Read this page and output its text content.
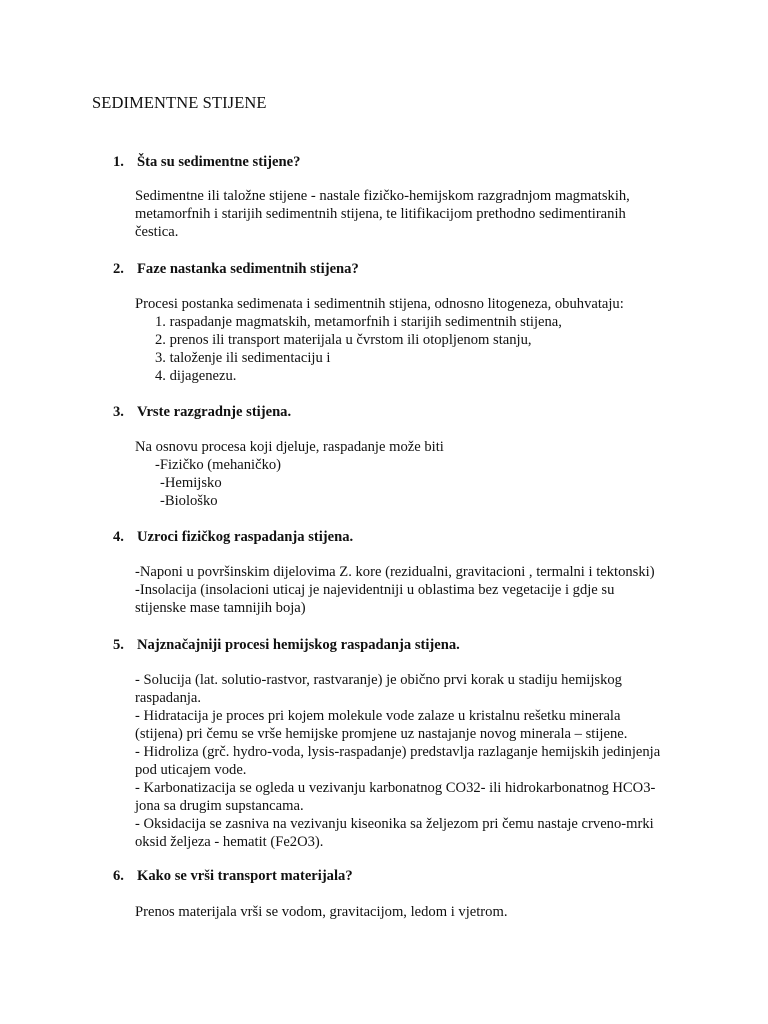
SEDIMENTNE STIJENE
1. Šta su sedimentne stijene?
Sedimentne ili taložne stijene - nastale fizičko-hemijskom razgradnjom magmatskih,
metamorfnih i starijih sedimentnih stijena, te litifikacijom prethodno sedimentiranih
čestica.
2. Faze nastanka sedimentnih stijena?
Procesi postanka sedimenata i sedimentnih stijena, odnosno litogeneza, obuhvataju:
1. raspadanje magmatskih, metamorfnih i starijih sedimentnih stijena,
2. prenos ili transport materijala u čvrstom ili otopljenom stanju,
3. taloženje ili sedimentaciju i
4. dijagenezu.
3. Vrste razgradnje stijena.
Na osnovu procesa koji djeluje, raspadanje može biti
-Fizičko (mehaničko)
-Hemijsko
-Biološko
4. Uzroci fizičkog raspadanja stijena.
-Naponi u površinskim dijelovima Z. kore (rezidualni, gravitacioni , termalni i tektonski)
-Insolacija (insolacioni uticaj je najevidentniji u oblastima bez vegetacije i gdje su
stijenske mase tamnijih boja)
5. Najznačajniji procesi hemijskog raspadanja stijena.
- Solucija (lat. solutio-rastvor, rastvaranje) je obično prvi korak u stadiju hemijskog
raspadanja.
- Hidratacija je proces pri kojem molekule vode zalaze u kristalnu rešetku minerala
(stijena) pri čemu se vrše hemijske promjene uz nastajanje novog minerala – stijene.
- Hidroliza (grč. hydro-voda, lysis-raspadanje) predstavlja razlaganje hemijskih jedinjenja
pod uticajem vode.
- Karbonatizacija se ogleda u vezivanju karbonatnog CO32- ili hidrokarbonatnog HCO3-
jona sa drugim supstancama.
- Oksidacija se zasniva na vezivanju kiseonika sa željezom pri čemu nastaje crveno-mrki
oksid željeza - hematit (Fe2O3).
6. Kako se vrši transport materijala?
Prenos materijala vrši se vodom, gravitacijom, ledom i vjetrom.
